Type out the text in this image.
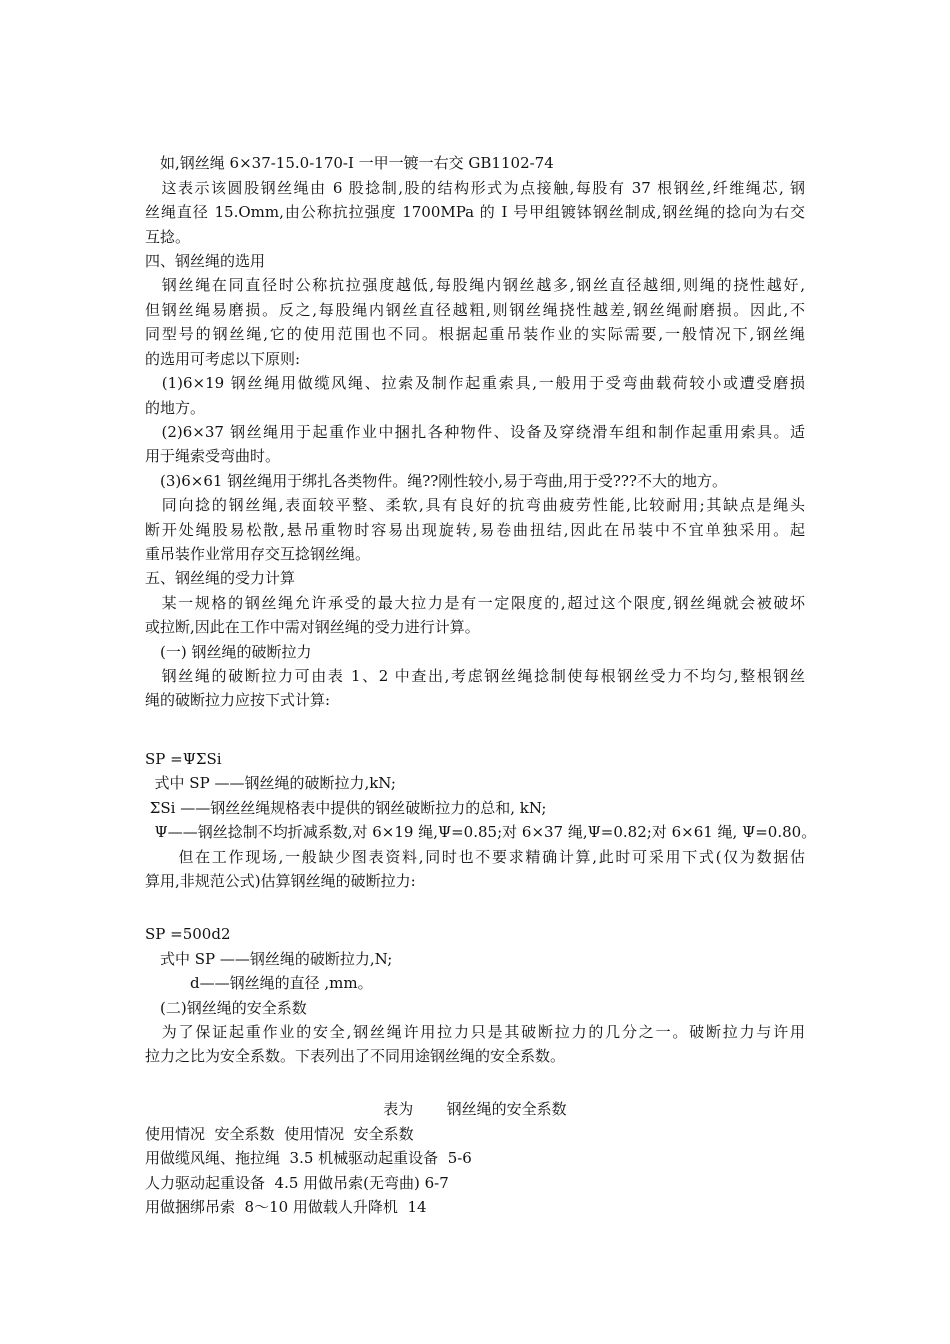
　如,钢丝绳 6×37-15.0-170-I 一甲一镀一右交 GB1102-74
　这表示该圆股钢丝绳由 6 股捻制,股的结构形式为点接触,每股有 37 根钢丝,纤维绳芯, 钢
丝绳直径 15.Omm,由公称抗拉强度 1700MPa 的 I 号甲组镀钵钢丝制成,钢丝绳的捻向为右交
互捻。
四、钢丝绳的选用
　钢丝绳在同直径时公称抗拉强度越低,每股绳内钢丝越多,钢丝直径越细,则绳的挠性越好,
但钢丝绳易磨损。反之,每股绳内钢丝直径越粗,则钢丝绳挠性越差,钢丝绳耐磨损。因此,不
同型号的钢丝绳,它的使用范围也不同。根据起重吊装作业的实际需要,一般情况下,钢丝绳
的选用可考虑以下原则:
　(1)6×19 钢丝绳用做缆风绳、拉索及制作起重索具,一般用于受弯曲载荷较小或遭受磨损
的地方。
　(2)6×37 钢丝绳用于起重作业中捆扎各种物件、设备及穿绕滑车组和制作起重用索具。适
用于绳索受弯曲时。
　(3)6×61 钢丝绳用于绑扎各类物件。绳??刚性较小,易于弯曲,用于受???不大的地方。
　同向捻的钢丝绳,表面较平整、柔软,具有良好的抗弯曲疲劳性能,比较耐用;其缺点是绳头
断开处绳股易松散,悬吊重物时容易出现旋转,易卷曲扭结,因此在吊装中不宜单独采用。起
重吊装作业常用存交互捻钢丝绳。
五、钢丝绳的受力计算
　某一规格的钢丝绳允许承受的最大拉力是有一定限度的,超过这个限度,钢丝绳就会被破坏
或拉断,因此在工作中需对钢丝绳的受力进行计算。
　(一) 钢丝绳的破断拉力
　钢丝绳的破断拉力可由表 1、2 中查出,考虑钢丝绳捻制使每根钢丝受力不均匀,整根钢丝
绳的破断拉力应按下式计算:
SP =ΨΣSi
式中 SP ——钢丝绳的破断拉力,kN;
ΣSi ——钢丝丝绳规格表中提供的钢丝破断拉力的总和, kN;
Ψ——钢丝捻制不均折减系数,对 6×19 绳,Ψ=0.85;对 6×37 绳,Ψ=0.82;对 6×61 绳, Ψ=0.80。
　　但在工作现场,一般缺少图表资料,同时也不要求精确计算,此时可采用下式(仅为数据估
算用,非规范公式)估算钢丝绳的破断拉力:
SP =500d2
　式中 SP ——钢丝绳的破断拉力,N;
　　　d——钢丝绳的直径 ,mm。
　(二)钢丝绳的安全系数
　为了保证起重作业的安全,钢丝绳许用拉力只是其破断拉力的几分之一。破断拉力与许用
拉力之比为安全系数。下表列出了不同用途钢丝绳的安全系数。
表为       钢丝绳的安全系数
使用情况  安全系数  使用情况  安全系数
用做缆风绳、拖拉绳  3.5 机械驱动起重设备  5-6
人力驱动起重设备  4.5 用做吊索(无弯曲) 6-7
用做捆绑吊索  8～10 用做载人升降机  14
